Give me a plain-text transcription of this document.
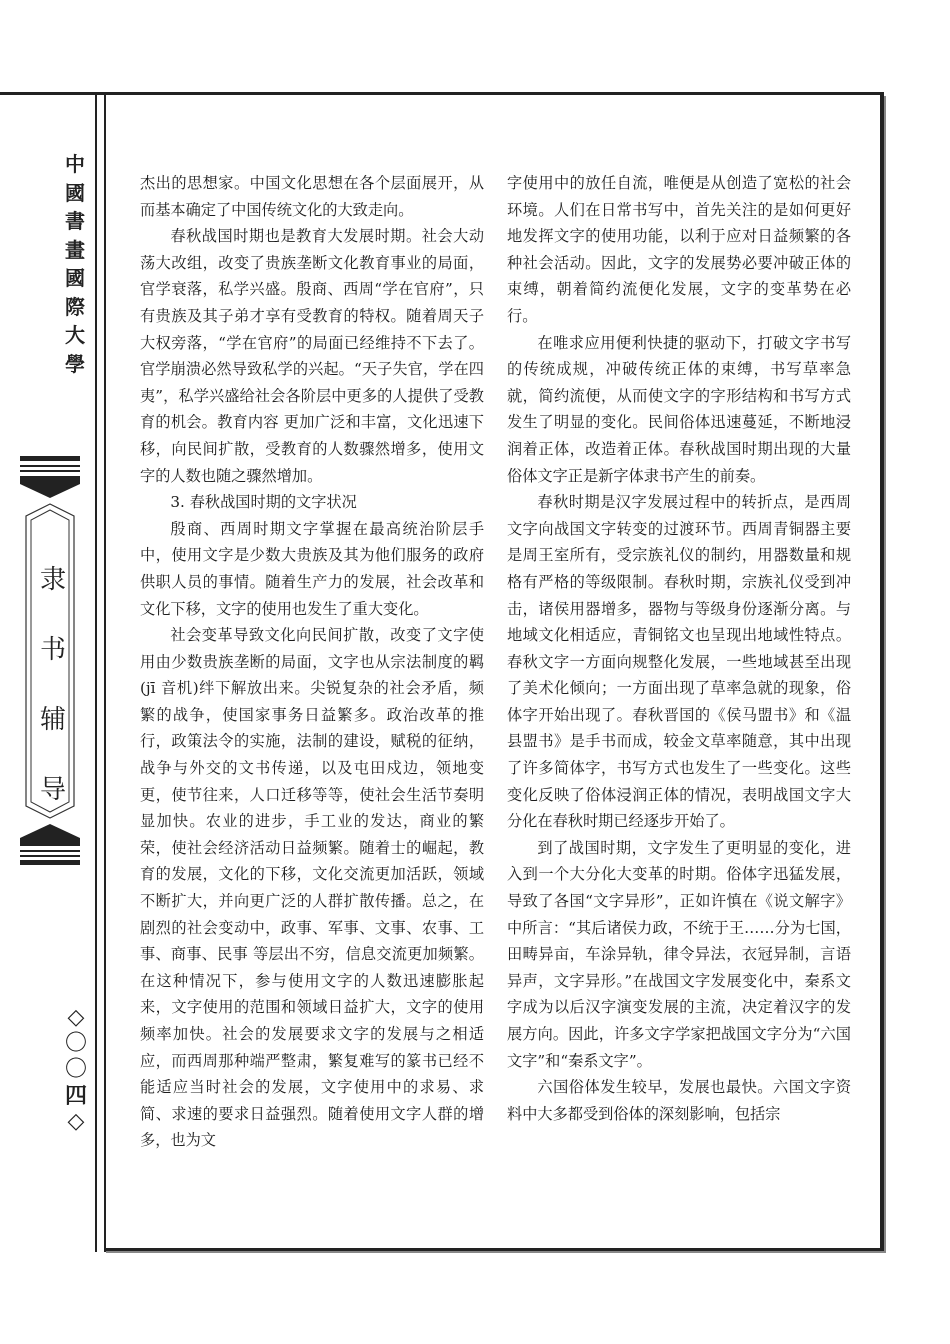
中國書畫國際大學
隶书辅导
◇
〇
〇
四
◇

杰出的思想家。中国文化思想在各个层面展开，从而基本确定了中国传统文化的大致走向。

春秋战国时期也是教育大发展时期。社会大动荡大改组，改变了贵族垄断文化教育事业的局面，官学衰落，私学兴盛。殷商、西周“学在官府”，只有贵族及其子弟才享有受教育的特权。随着周天子大权旁落，“学在官府”的局面已经维持不下去了。官学崩溃必然导致私学的兴起。“天子失官，学在四夷”，私学兴盛给社会各阶层中更多的人提供了受教育的机会。教育内容 更加广泛和丰富，文化迅速下移，向民间扩散，受教育的人数骤然增多，使用文字的人数也随之骤然增加。

3. 春秋战国时期的文字状况

殷商、西周时期文字掌握在最高统治阶层手中，使用文字是少数大贵族及其为他们服务的政府供职人员的事情。随着生产力的发展，社会改革和文化下移，文字的使用也发生了重大变化。

社会变革导致文化向民间扩散，改变了文字使用由少数贵族垄断的局面，文字也从宗法制度的羁(jī 音机)绊下解放出来。尖锐复杂的社会矛盾，频繁的战争，使国家事务日益繁多。政治改革的推行，政策法令的实施，法制的建设，赋税的征纳，战争与外交的文书传递，以及屯田戍边，领地变更，使节往来，人口迁移等等，使社会生活节奏明显加快。农业的进步，手工业的发达，商业的繁荣，使社会经济活动日益频繁。随着士的崛起，教育的发展，文化的下移，文化交流更加活跃，领域不断扩大，并向更广泛的人群扩散传播。总之，在剧烈的社会变动中，政事、军事、文事、农事、工事、商事、民事 等层出不穷，信息交流更加频繁。在这种情况下，参与使用文字的人数迅速膨胀起来，文字使用的范围和领域日益扩大，文字的使用频率加快。社会的发展要求文字的发展与之相适应，而西周那种端严整肃，繁复难写的篆书已经不能适应当时社会的发展，文字使用中的求易、求简、求速的要求日益强烈。随着使用文字人群的增多，也为文

字使用中的放任自流，唯便是从创造了宽松的社会环境。人们在日常书写中，首先关注的是如何更好地发挥文字的使用功能，以利于应对日益频繁的各种社会活动。因此，文字的发展势必要冲破正体的束缚，朝着简约流便化发展，文字的变革势在必行。

在唯求应用便利快捷的驱动下，打破文字书写的传统成规，冲破传统正体的束缚，书写草率急就，简约流便，从而使文字的字形结构和书写方式发生了明显的变化。民间俗体迅速蔓延，不断地浸润着正体，改造着正体。春秋战国时期出现的大量俗体文字正是新字体隶书产生的前奏。

春秋时期是汉字发展过程中的转折点，是西周文字向战国文字转变的过渡环节。西周青铜器主要是周王室所有，受宗族礼仪的制约，用器数量和规格有严格的等级限制。春秋时期，宗族礼仪受到冲击，诸侯用器增多，器物与等级身份逐渐分离。与地域文化相适应，青铜铭文也呈现出地域性特点。春秋文字一方面向规整化发展，一些地域甚至出现了美术化倾向；一方面出现了草率急就的现象，俗体字开始出现了。春秋晋国的《侯马盟书》和《温县盟书》是手书而成，较金文草率随意，其中出现了许多简体字，书写方式也发生了一些变化。这些变化反映了俗体浸润正体的情况，表明战国文字大分化在春秋时期已经逐步开始了。

到了战国时期，文字发生了更明显的变化，进入到一个大分化大变革的时期。俗体字迅猛发展，导致了各国“文字异形”，正如许慎在《说文解字》中所言：“其后诸侯力政，不统于王……分为七国，田畴异亩，车涂异轨，律令异法，衣冠异制，言语异声，文字异形。”在战国文字发展变化中，秦系文字成为以后汉字演变发展的主流，决定着汉字的发展方向。因此，许多文字学家把战国文字分为“六国文字”和“秦系文字”。

六国俗体发生较早，发展也最快。六国文字资料中大多都受到俗体的深刻影响，包括宗
